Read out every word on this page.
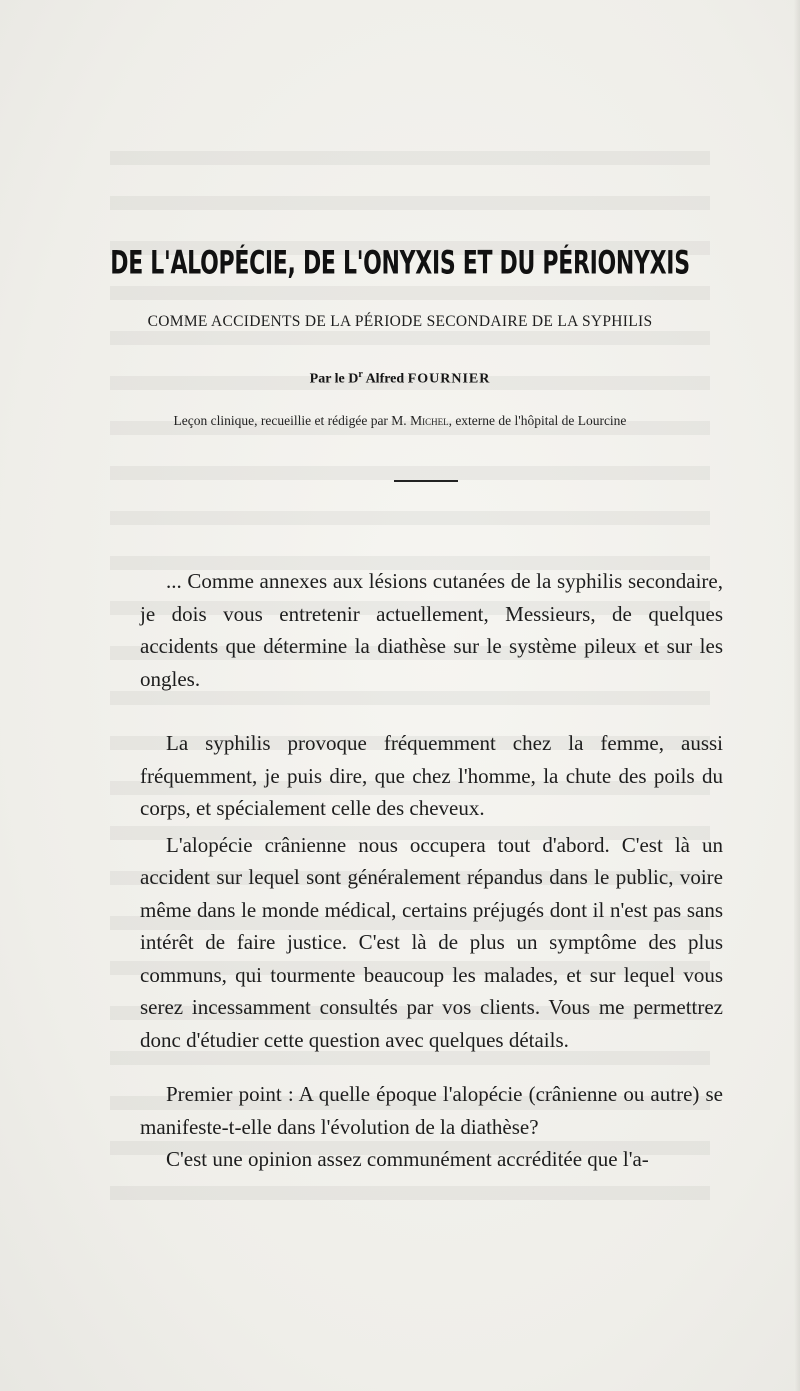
DE L'ALOPÉCIE, DE L'ONYXIS ET DU PÉRIONYXIS

COMME ACCIDENTS DE LA PÉRIODE SECONDAIRE DE LA SYPHILIS

Par le $D^r$ Alfred FOURNIER

Leçon clinique, recueillie et rédigée par M. Michel, externe de l'hôpital de Lourcine

... Comme annexes aux lésions cutanées de la syphilis secondaire, je dois vous entretenir actuellement, Messieurs, de quelques accidents que détermine la diathèse sur le système pileux et sur les ongles.

La syphilis provoque fréquemment chez la femme, aussi fréquemment, je puis dire, que chez l'homme, la chute des poils du corps, et spécialement celle des cheveux.

L'alopécie crânienne nous occupera tout d'abord. C'est là un accident sur lequel sont généralement répandus dans le public, voire même dans le monde médical, certains préjugés dont il n'est pas sans intérêt de faire justice. C'est là de plus un symptôme des plus communs, qui tourmente beaucoup les malades, et sur lequel vous serez incessamment consultés par vos clients. Vous me permettrez donc d'étudier cette question avec quelques détails.

Premier point : A quelle époque l'alopécie (crânienne ou autre) se manifeste-t-elle dans l'évolution de la diathèse?

C'est une opinion assez communément accréditée que l'a-
